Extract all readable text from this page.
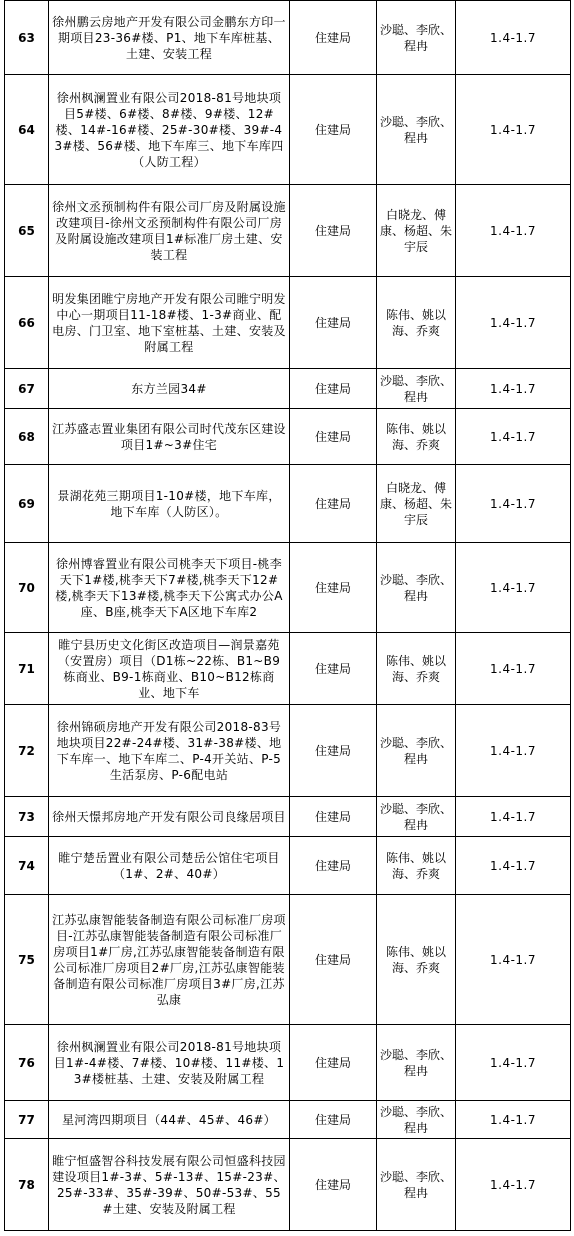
63	徐州鹏云房地产开发有限公司金鹏东方印一期项目23-36#楼、P1、地下车库桩基、土建、安装工程	住建局	沙聪、李欣、程冉	1.4-1.7
64	徐州枫澜置业有限公司2018-81号地块项目5#楼、6#楼、8#楼、9#楼、12#楼、14#-16#楼、25#-30#楼、39#-43#楼、56#楼、地下车库三、地下车库四（人防工程）	住建局	沙聪、李欣、程冉	1.4-1.7
65	徐州文丞预制构件有限公司厂房及附属设施改建项目-徐州文丞预制构件有限公司厂房及附属设施改建项目1#标准厂房土建、安装工程	住建局	白晓龙、傅康、杨超、朱宇辰	1.4-1.7
66	明发集团睢宁房地产开发有限公司睢宁明发中心一期项目11-18#楼、1-3#商业、配电房、门卫室、地下室桩基、土建、安装及附属工程	住建局	陈伟、姚以海、乔爽	1.4-1.7
67	东方兰园34#	住建局	沙聪、李欣、程冉	1.4-1.7
68	江苏盛志置业集团有限公司时代茂东区建设项目1#~3#住宅	住建局	陈伟、姚以海、乔爽	1.4-1.7
69	景湖花苑三期项目1-10#楼，地下车库，地下车库（人防区）。	住建局	白晓龙、傅康、杨超、朱宇辰	1.4-1.7
70	徐州博睿置业有限公司桃李天下项目-桃李天下1#楼,桃李天下7#楼,桃李天下12#楼,桃李天下13#楼,桃李天下公寓式办公A座、B座,桃李天下A区地下车库2	住建局	沙聪、李欣、程冉	1.4-1.7
71	睢宁县历史文化街区改造项目—润景嘉苑（安置房）项目（D1栋~22栋、B1~B9栋商业、B9-1栋商业、B10~B12栋商业、地下车	住建局	陈伟、姚以海、乔爽	1.4-1.7
72	徐州锦硕房地产开发有限公司2018-83号地块项目22#-24#楼、31#-38#楼、地下车库一、地下车库二、P-4开关站、P-5生活泵房、P-6配电站	住建局	沙聪、李欣、程冉	1.4-1.7
73	徐州天憬邦房地产开发有限公司良缘居项目	住建局	沙聪、李欣、程冉	1.4-1.7
74	睢宁楚岳置业有限公司楚岳公馆住宅项目（1#、2#、40#）	住建局	陈伟、姚以海、乔爽	1.4-1.7
75	江苏弘康智能装备制造有限公司标准厂房项目-江苏弘康智能装备制造有限公司标准厂房项目1#厂房,江苏弘康智能装备制造有限公司标准厂房项目2#厂房,江苏弘康智能装备制造有限公司标准厂房项目3#厂房,江苏弘康	住建局	陈伟、姚以海、乔爽	1.4-1.7
76	徐州枫澜置业有限公司2018-81号地块项目1#-4#楼、7#楼、10#楼、11#楼、13#楼桩基、土建、安装及附属工程	住建局	沙聪、李欣、程冉	1.4-1.7
77	星河湾四期项目（44#、45#、46#）	住建局	沙聪、李欣、程冉	1.4-1.7
78	睢宁恒盛智谷科技发展有限公司恒盛科技园建设项目1#-3#、5#-13#、15#-23#、25#-33#、35#-39#、50#-53#、55#土建、安装及附属工程	住建局	沙聪、李欣、程冉	1.4-1.7
